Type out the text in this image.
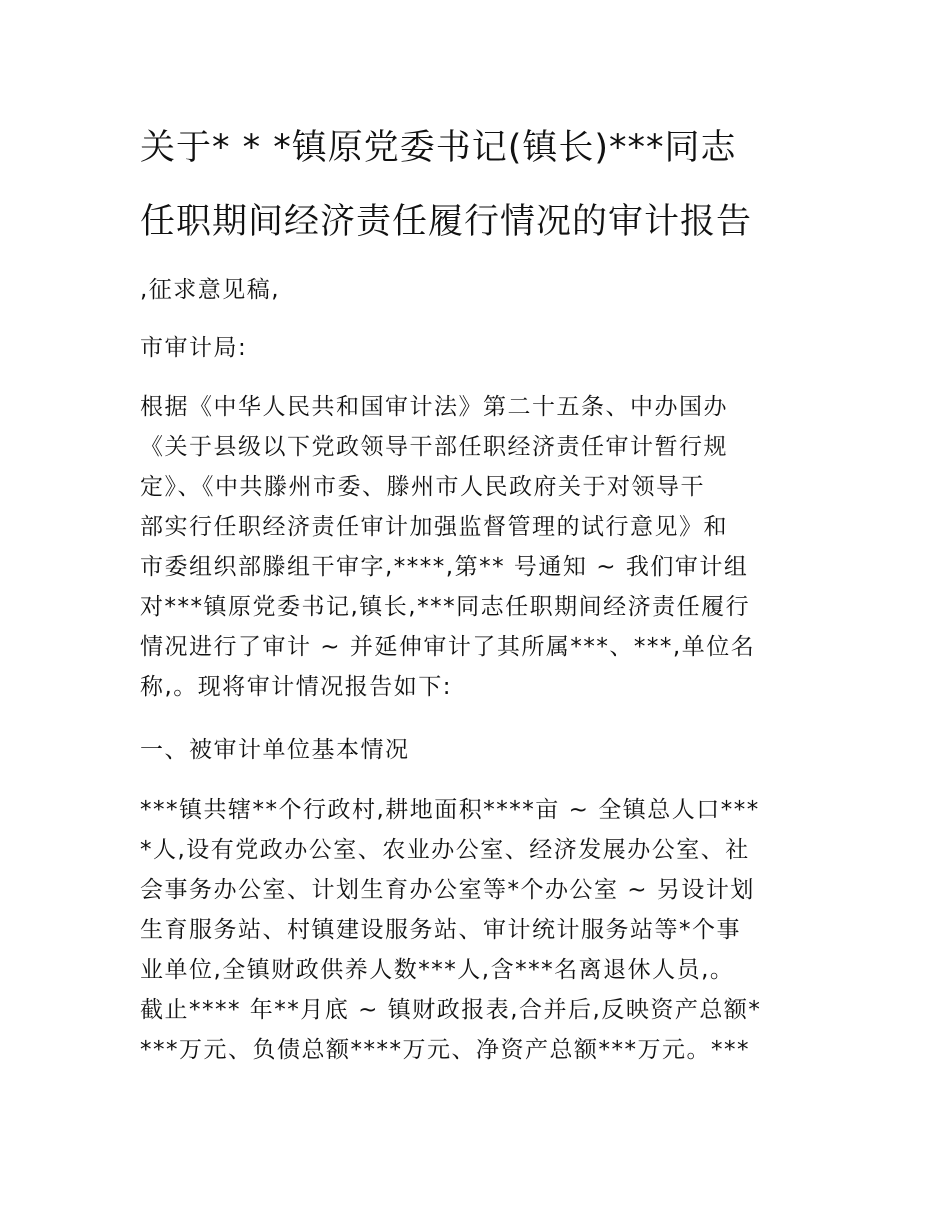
关于* * *镇原党委书记(镇长)***同志
任职期间经济责任履行情况的审计报告
,征求意见稿,
市审计局:
根据《中华人民共和国审计法》第二十五条、中办国办
《关于县级以下党政领导干部任职经济责任审计暂行规
定》、《中共滕州市委、滕州市人民政府关于对领导干
部实行任职经济责任审计加强监督管理的试行意见》和
市委组织部滕组干审字,****,第** 号通知 ~ 我们审计组
对***镇原党委书记,镇长,***同志任职期间经济责任履行
情况进行了审计 ~ 并延伸审计了其所属***、***,单位名
称,。现将审计情况报告如下:
一、被审计单位基本情况
***镇共辖**个行政村,耕地面积****亩 ~ 全镇总人口***
*人,设有党政办公室、农业办公室、经济发展办公室、社
会事务办公室、计划生育办公室等*个办公室 ~ 另设计划
生育服务站、村镇建设服务站、审计统计服务站等*个事
业单位,全镇财政供养人数***人,含***名离退休人员,。
截止**** 年**月底 ~ 镇财政报表,合并后,反映资产总额*
***万元、负债总额****万元、净资产总额***万元。***
